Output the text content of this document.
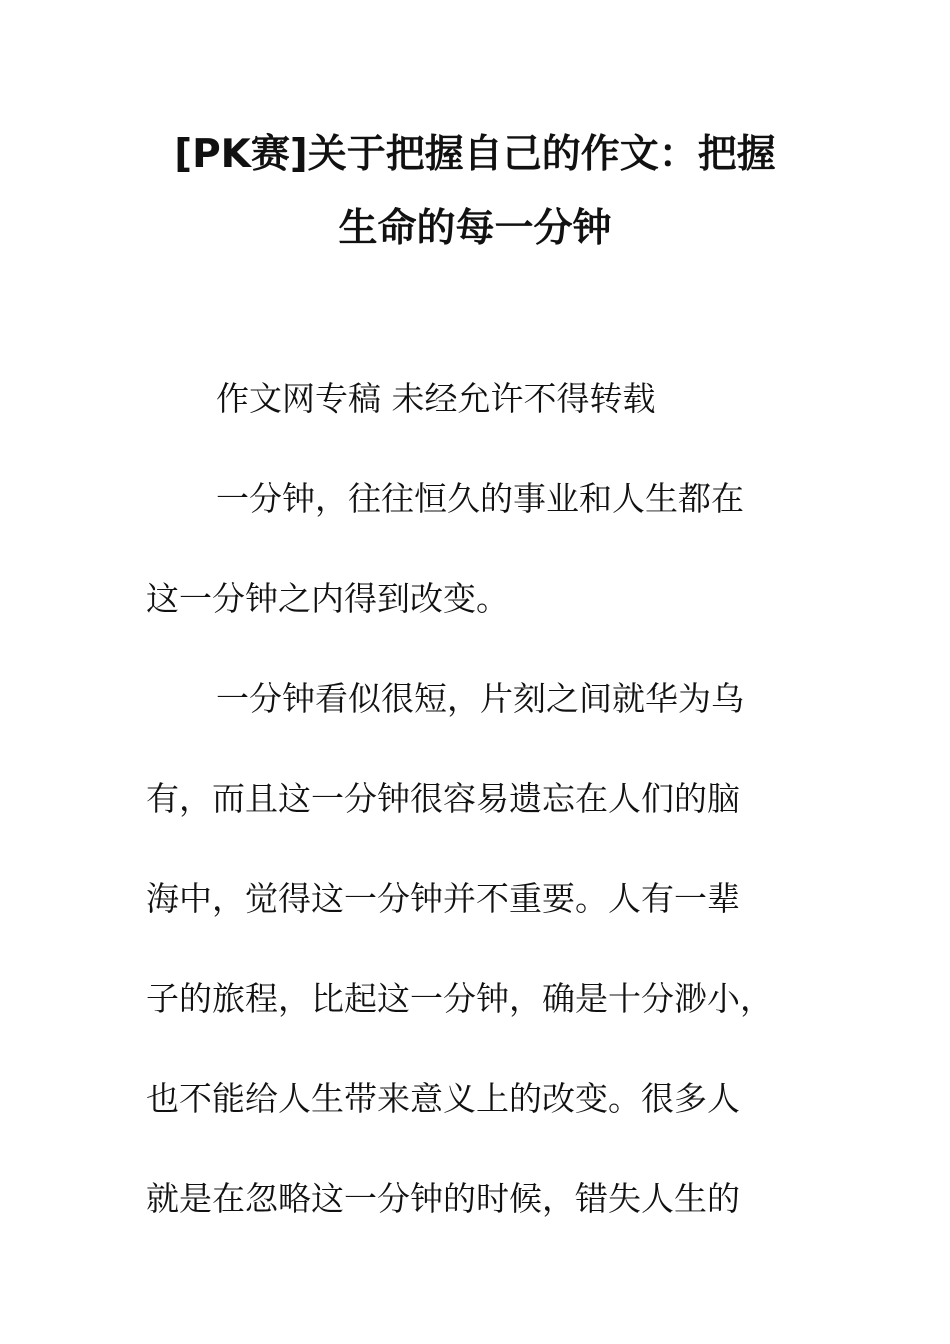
[PK赛]关于把握自己的作文：把握
生命的每一分钟
作文网专稿 未经允许不得转载
一分钟，往往恒久的事业和人生都在
这一分钟之内得到改变。
一分钟看似很短，片刻之间就华为乌
有，而且这一分钟很容易遗忘在人们的脑
海中，觉得这一分钟并不重要。人有一辈
子的旅程，比起这一分钟，确是十分渺小，
也不能给人生带来意义上的改变。很多人
就是在忽略这一分钟的时候，错失人生的
